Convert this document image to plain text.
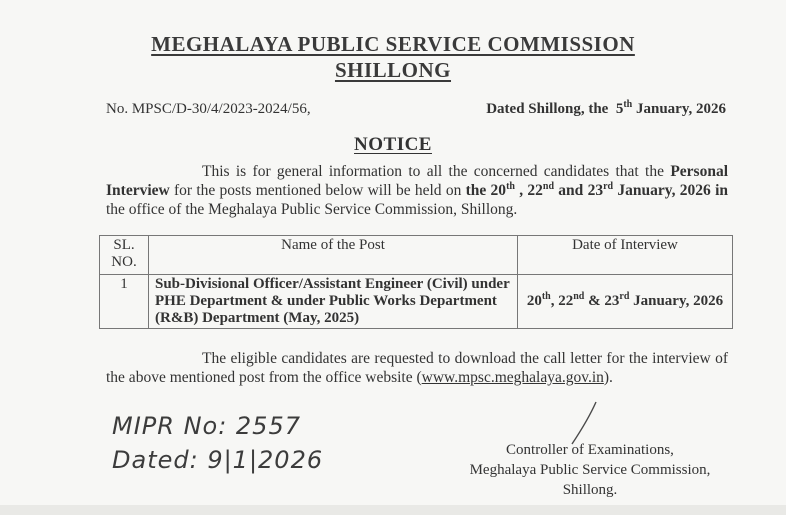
MEGHALAYA PUBLIC SERVICE COMMISSION
SHILLONG
No. MPSC/D-30/4/2023-2024/56,	Dated Shillong, the 5th January, 2026
NOTICE
This is for general information to all the concerned candidates that the Personal Interview for the posts mentioned below will be held on the 20th , 22nd and 23rd January, 2026 in the office of the Meghalaya Public Service Commission, Shillong.
SL. NO.	Name of the Post	Date of Interview
1	Sub-Divisional Officer/Assistant Engineer (Civil) under PHE Department & under Public Works Department (R&B) Department (May, 2025)	20th, 22nd & 23rd January, 2026
The eligible candidates are requested to download the call letter for the interview of the above mentioned post from the office website (www.mpsc.meghalaya.gov.in).
MIPR No: 2557
Dated: 9|1|2026	Controller of Examinations,
Meghalaya Public Service Commission,
Shillong.
